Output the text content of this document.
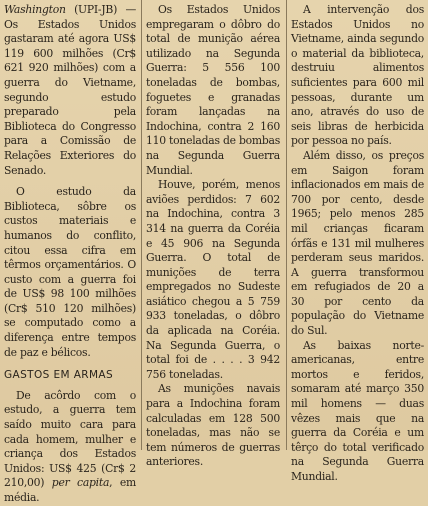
Washington (UPI-JB) — Os Estados Unidos gastaram até agora US$ 119 600 milhões (Cr$ 621 920 milhões) com a guerra do Vietname, segundo estudo preparado pela Biblioteca do Congresso para a Comissão de Relações Exteriores do Senado.

O estudo da Biblioteca, sôbre os custos materiais e humanos do conflito, citou essa cifra em têrmos orçamentários. O custo com a guerra foi de US$ 98 100 milhões (Cr$ 510 120 milhões) se computado como a diferença entre tempos de paz e bélicos.

GASTOS EM ARMAS

De acôrdo com o estudo, a guerra tem saído muito cara para cada homem, mulher e criança dos Estados Unidos: US$ 425 (Cr$ 2 210,00) per capita, em média.

Os Estados Unidos empregaram o dôbro do total de munição aérea utilizado na Segunda Guerra: 5 556 100 toneladas de bombas, foguetes e granadas foram lançadas na Indochina, contra 2 160 110 toneladas de bombas na Segunda Guerra Mundial.

Houve, porém, menos aviões perdidos: 7 602 na Indochina, contra 3 314 na guerra da Coréia e 45 906 na Segunda Guerra. O total de munições de terra empregados no Sudeste asiático chegou a 5 759 933 toneladas, o dôbro da aplicada na Coréia. Na Segunda Guerra, o total foi de . . . . 3 942 756 toneladas.

As munições navais para a Indochina foram calculadas em 128 500 toneladas, mas não se tem números de guerras anteriores.

A intervenção dos Estados Unidos no Vietname, ainda segundo o material da biblioteca, destruiu alimentos suficientes para 600 mil pessoas, durante um ano, através do uso de seis libras de herbicida por pessoa no país.

Além disso, os preços em Saigon foram inflacionados em mais de 700 por cento, desde 1965; pelo menos 285 mil crianças ficaram órfãs e 131 mil mulheres perderam seus maridos. A guerra transformou em refugiados de 20 a 30 por cento da população do Vietname do Sul.

As baixas norte-americanas, entre mortos e feridos, somaram até março 350 mil homens — duas vêzes mais que na guerra da Coréia e um têrço do total verificado na Segunda Guerra Mundial.
